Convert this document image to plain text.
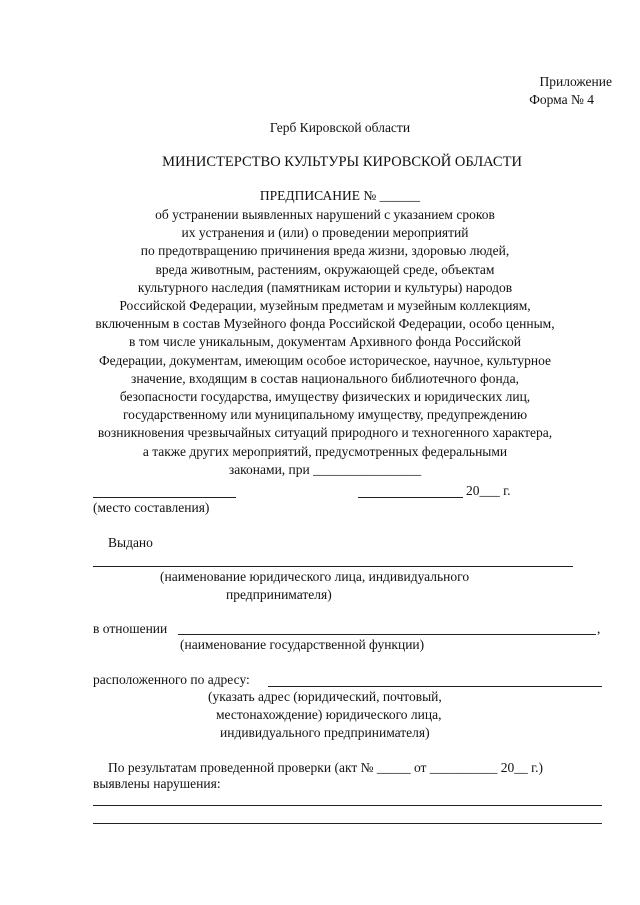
Приложение
Форма № 4
Герб Кировской области
МИНИСТЕРСТВО КУЛЬТУРЫ КИРОВСКОЙ ОБЛАСТИ
ПРЕДПИСАНИЕ № ______
об устранении выявленных нарушений с указанием сроков
их устранения и (или) о проведении мероприятий
по предотвращению причинения вреда жизни, здоровью людей,
вреда животным, растениям, окружающей среде, объектам
культурного наследия (памятникам истории и культуры) народов
Российской Федерации, музейным предметам и музейным коллекциям,
включенным в состав Музейного фонда Российской Федерации, особо ценным,
в том числе уникальным, документам Архивного фонда Российской
Федерации, документам, имеющим особое историческое, научное, культурное
значение, входящим в состав национального библиотечного фонда,
безопасности государства, имуществу физических и юридических лиц,
государственному или муниципальному имуществу, предупреждению
возникновения чрезвычайных ситуаций природного и техногенного характера,
а также других мероприятий, предусмотренных федеральными
законами, при ________________
20___ г.
(место составления)
Выдано
(наименование юридического лица, индивидуального
предпринимателя)
в отношении	,
(наименование государственной функции)
расположенного по адресу:
(указать адрес (юридический, почтовый,
местонахождение) юридического лица,
индивидуального предпринимателя)
По результатам проведенной проверки (акт № _____ от __________ 20__ г.)
выявлены нарушения:
